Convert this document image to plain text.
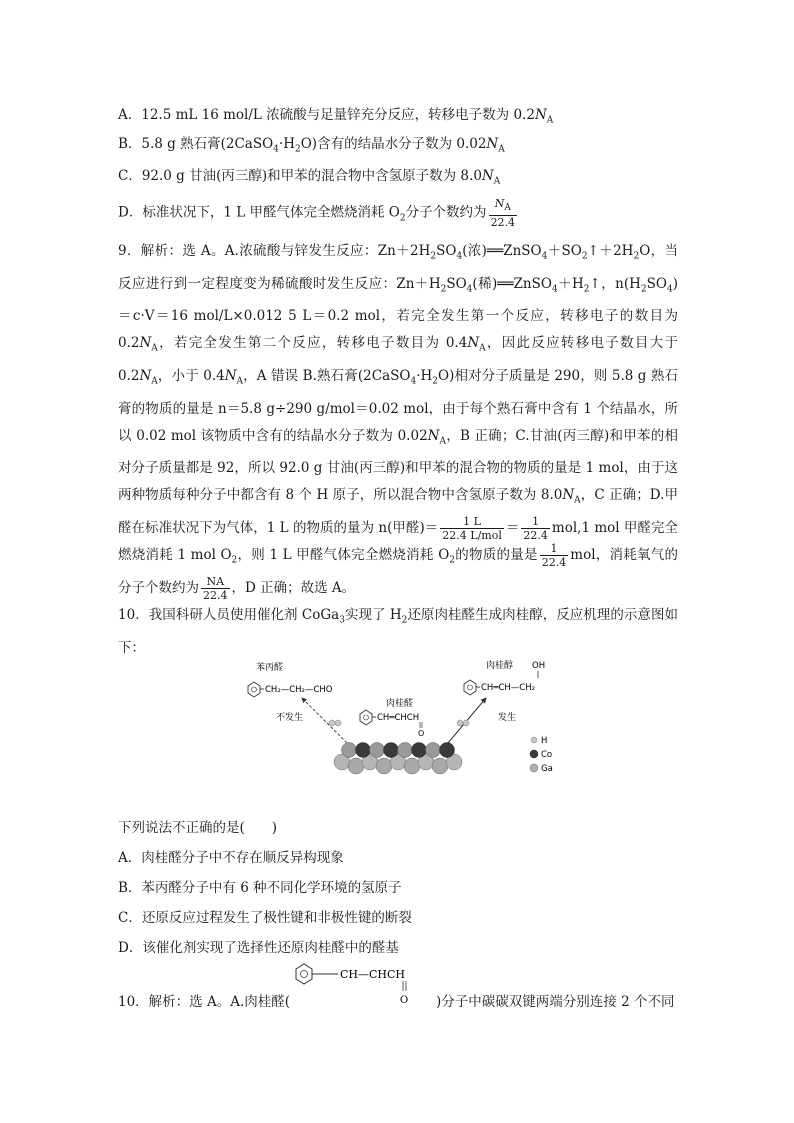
A．12.5 mL 16 mol/L 浓硫酸与足量锌充分反应，转移电子数为 $0.2N_A$
B．5.8 g 熟石膏$(2CaSO_4\cdot H_2O)$含有的结晶水分子数为 $0.02N_A$
C．92.0 g 甘油(丙三醇)和甲苯的混合物中含氢原子数为 $8.0N_A$
D．标准状况下，1 L 甲醛气体完全燃烧消耗 $O_2$分子个数约为 $\frac{N_A}{22.4}$
9．解析：选 A。A.浓硫酸与锌发生反应：$Zn+2H_2SO_4$(浓)$══ZnSO_4+SO_2↑+2H_2O$，当反应进行到一定程度变为稀硫酸时发生反应：$Zn+H_2SO_4$(稀)$══ZnSO_4+H_2↑$，$n(H_2SO_4)=c\cdot V=16$ mol/L×0.012 5 L＝0.2 mol，若完全发生第一个反应，转移电子的数目为 $0.2N_A$，若完全发生第二个反应，转移电子数目为 $0.4N_A$，因此反应转移电子数目大于 $0.2N_A$，小于 $0.4N_A$，A 错误 B.熟石膏$(2CaSO_4\cdot H_2O)$相对分子质量是 290，则 5.8 g 熟石膏的物质的量是 n＝5.8 g÷290 g/mol＝0.02 mol，由于每个熟石膏中含有 1 个结晶水，所以 0.02 mol 该物质中含有的结晶水分子数为 $0.02N_A$，B 正确；C.甘油(丙三醇)和甲苯的相对分子质量都是 92，所以 92.0 g 甘油(丙三醇)和甲苯的混合物的物质的量是 1 mol，由于这两种物质每种分子中都含有 8 个 H 原子，所以混合物中含氢原子数为 $8.0N_A$，C 正确；D.甲醛在标准状况下为气体，1 L 的物质的量为 n(甲醛)＝ $\frac{1 L}{\text{22.4 L/mol}} = \frac{1}{22.4} mol,1$ mol 甲醛完全燃烧消耗 1 mol $O_2$，则 1 L 甲醛气体完全燃烧消耗 $O_2$的物质的量是 $\frac{1}{22.4}$ mol，消耗氧气的分子个数约为 $\frac{NA}{22.4}$ ，D 正确；故选 A。
10．我国科研人员使用催化剂 CoGa$_3$实现了 $H_2$还原肉桂醛生成肉桂醇，反应机理的示意图如下：
苯丙醛
CH₂—CH₂—CHO
肉桂醇 OH
CH═CH—CH₂
肉桂醛
CH═CHCH
O
不发生	发生
H
Co
Ga
下列说法不正确的是(　　)
A．肉桂醛分子中不存在顺反异构现象
B．苯丙醛分子中有 6 种不同化学环境的氢原子
C．还原反应过程发生了极性键和非极性键的断裂
D．该催化剂实现了选择性还原肉桂醛中的醛基
CH—CHCH
O
10．解析：选 A。A.肉桂醛(	)分子中碳碳双键两端分别连接 2 个不同
